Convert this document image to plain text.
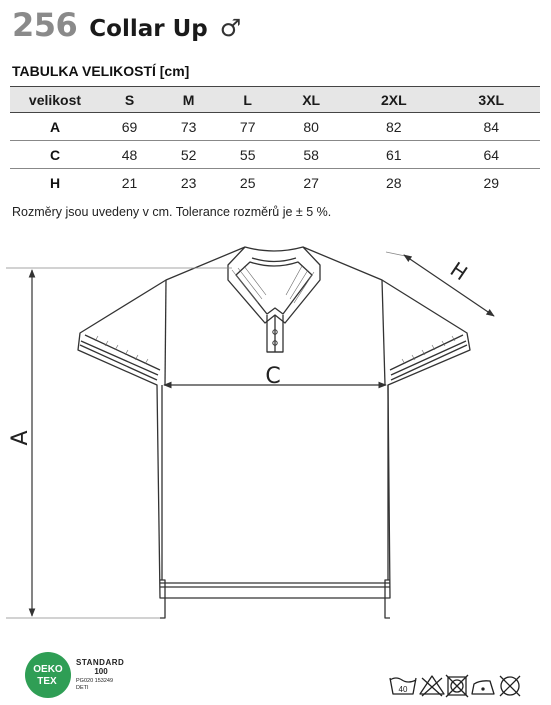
256 Collar Up ♂
TABULKA VELIKOSTÍ [cm]
velikost	S	M	L	XL	2XL	3XL
A	69	73	77	80	82	84
C	48	52	55	58	61	64
H	21	23	25	27	28	29
Rozměry jsou uvedeny v cm. Tolerance rozměrů je ± 5 %.
A
C
H
OEKO
TEX
STANDARD
100
PG020 153249
DETI	40
